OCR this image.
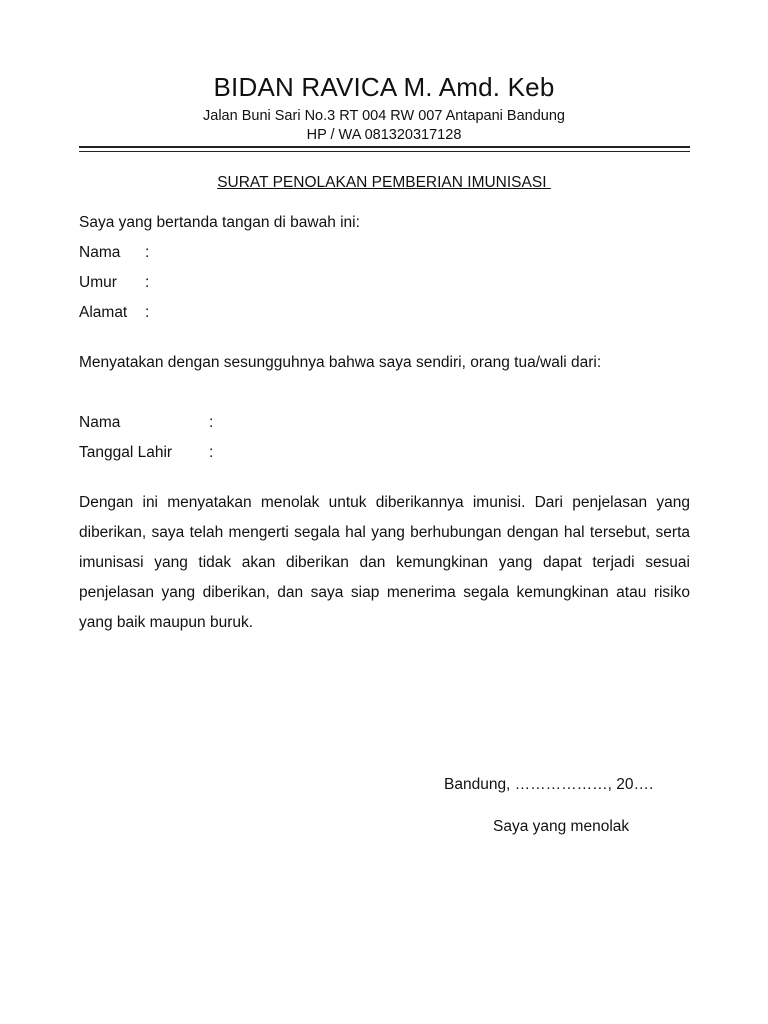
BIDAN RAVICA M. Amd. Keb
Jalan Buni Sari No.3 RT 004 RW 007 Antapani Bandung
HP / WA 081320317128
SURAT PENOLAKAN PEMBERIAN IMUNISASI
Saya yang bertanda tangan di bawah ini:
Nama :
Umur :
Alamat :
Menyatakan dengan sesungguhnya bahwa saya sendiri, orang tua/wali dari:
Nama	:
Tanggal Lahir :
Dengan ini menyatakan menolak untuk diberikannya imunisi. Dari penjelasan yang diberikan, saya telah mengerti segala hal yang berhubungan dengan hal tersebut, serta imunisasi yang tidak akan diberikan dan kemungkinan yang dapat terjadi sesuai penjelasan yang diberikan, dan saya siap menerima segala kemungkinan atau risiko yang baik maupun buruk.
Bandung, ………………, 20….
Saya yang menolak
